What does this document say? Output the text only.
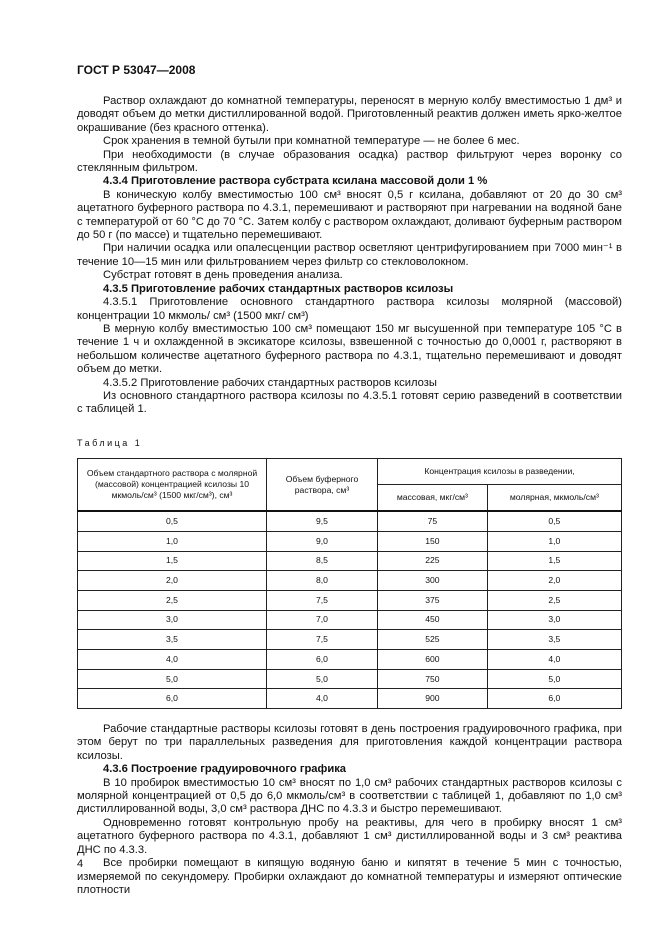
ГОСТ Р 53047—2008

Раствор охлаждают до комнатной температуры, переносят в мерную колбу вместимостью 1 дм³ и доводят объем до метки дистиллированной водой. Приготовленный реактив должен иметь ярко-желтое окрашивание (без красного оттенка).

Срок хранения в темной бутыли при комнатной температуре — не более 6 мес.

При необходимости (в случае образования осадка) раствор фильтруют через воронку со стеклянным фильтром.

4.3.4 Приготовление раствора субстрата ксилана массовой доли 1 %

В коническую колбу вместимостью 100 см³ вносят 0,5 г ксилана, добавляют от 20 до 30 см³ ацетатного буферного раствора по 4.3.1, перемешивают и растворяют при нагревании на водяной бане с температурой от 60 °С до 70 °С. Затем колбу с раствором охлаждают, доливают буферным раствором до 50 г (по массе) и тщательно перемешивают.

При наличии осадка или опалесценции раствор осветляют центрифугированием при 7000 мин⁻¹ в течение 10—15 мин или фильтрованием через фильтр со стекловолокном.

Субстрат готовят в день проведения анализа.

4.3.5 Приготовление рабочих стандартных растворов ксилозы

4.3.5.1 Приготовление основного стандартного раствора ксилозы молярной (массовой) концентрации 10 мкмоль/ см³ (1500 мкг/ см³)

В мерную колбу вместимостью 100 см³ помещают 150 мг высушенной при температуре 105 °С в течение 1 ч и охлажденной в эксикаторе ксилозы, взвешенной с точностью до 0,0001 г, растворяют в небольшом количестве ацетатного буферного раствора по 4.3.1, тщательно перемешивают и доводят объем до метки.

4.3.5.2 Приготовление рабочих стандартных растворов ксилозы

Из основного стандартного раствора ксилозы по 4.3.5.1 готовят серию разведений в соответствии с таблицей 1.

Таблица 1

Объем стандартного раствора с молярной (массовой) концентрацией ксилозы 10 мкмоль/см³ (1500 мкг/см³), см³	Объем буферного раствора, см³	Концентрация ксилозы в разведении,	
		массовая, мкг/см³	молярная, мкмоль/см³
0,5	9,5	75	0,5
1,0	9,0	150	1,0
1,5	8,5	225	1,5
2,0	8,0	300	2,0
2,5	7,5	375	2,5
3,0	7,0	450	3,0
3,5	7,5	525	3,5
4,0	6,0	600	4,0
5,0	5,0	750	5,0
6,0	4,0	900	6,0

Рабочие стандартные растворы ксилозы готовят в день построения градуировочного графика, при этом берут по три параллельных разведения для приготовления каждой концентрации раствора ксилозы.

4.3.6 Построение градуировочного графика

В 10 пробирок вместимостью 10 см³ вносят по 1,0 см³ рабочих стандартных растворов ксилозы с молярной концентрацией от 0,5 до 6,0 мкмоль/см³ в соответствии с таблицей 1, добавляют по 1,0 см³ дистиллированной воды, 3,0 см³ раствора ДНС по 4.3.3 и быстро перемешивают.

Одновременно готовят контрольную пробу на реактивы, для чего в пробирку вносят 1 см³ ацетатного буферного раствора по 4.3.1, добавляют 1 см³ дистиллированной воды и 3 см³ реактива ДНС по 4.3.3.

Все пробирки помещают в кипящую водяную баню и кипятят в течение 5 мин с точностью, измеряемой по секундомеру. Пробирки охлаждают до комнатной температуры и измеряют оптические плотности

4
